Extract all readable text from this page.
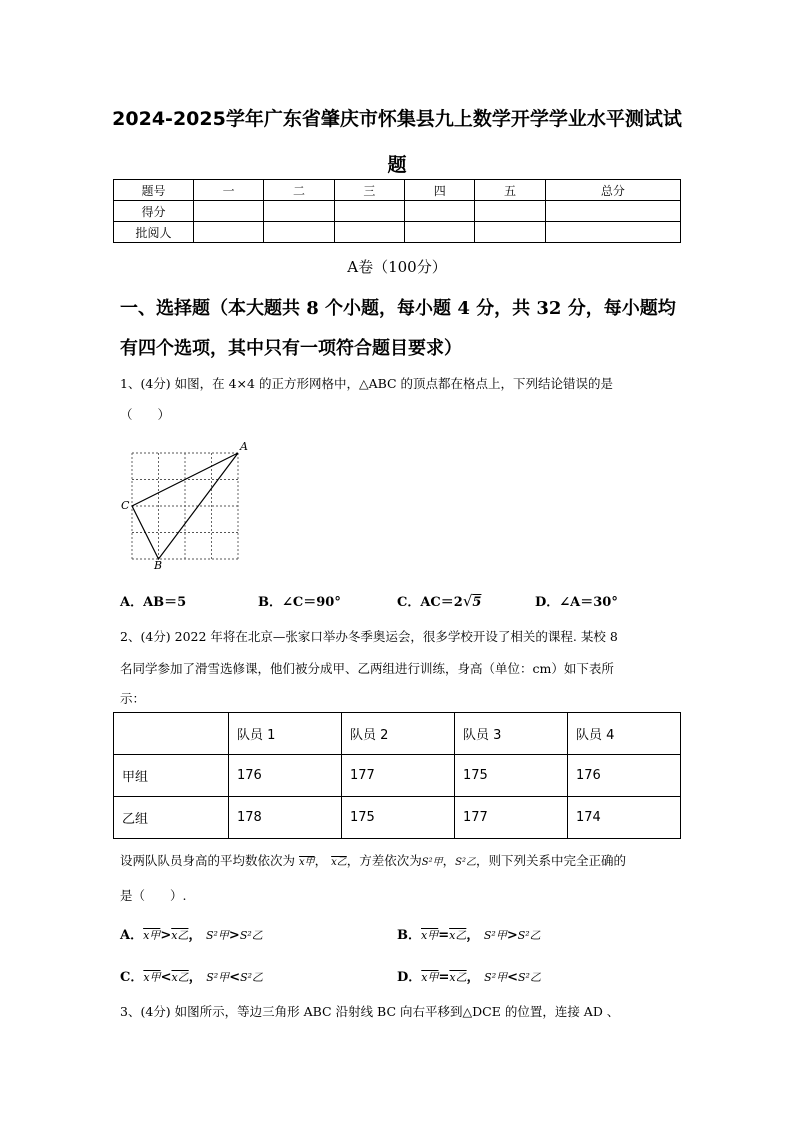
2024-2025学年广东省肇庆市怀集县九上数学开学学业水平测试试
题
题号	一	二	三	四	五	总分
得分						
批阅人						
A卷（100分）
一、选择题（本大题共 8 个小题，每小题 4 分，共 32 分，每小题均
有四个选项，其中只有一项符合题目要求）
1、(4分) 如图，在 4×4 的正方形网格中，△ABC 的顶点都在格点上，下列结论错误的是
（　　）
A
C
B
A．AB＝5	B．∠C＝90°	C．AC＝2√5	D．∠A＝30°
2、(4分) 2022 年将在北京—张家口举办冬季奥运会，很多学校开设了相关的课程. 某校 8
名同学参加了滑雪选修课，他们被分成甲、乙两组进行训练，身高（单位：cm）如下表所
示：
	队员 1	队员 2	队员 3	队员 4
甲组	176	177	175	176
乙组	178	175	177	174
设两队队员身高的平均数依次为 x甲， x乙，方差依次为S²甲，S²乙，则下列关系中完全正确的
是（　　）.
A．x甲>x乙， S²甲>S²乙	B．x甲=x乙， S²甲>S²乙
C．x甲<x乙， S²甲<S²乙	D．x甲=x乙， S²甲<S²乙
3、(4分) 如图所示，等边三角形 ABC 沿射线 BC 向右平移到△DCE 的位置，连接 AD 、
